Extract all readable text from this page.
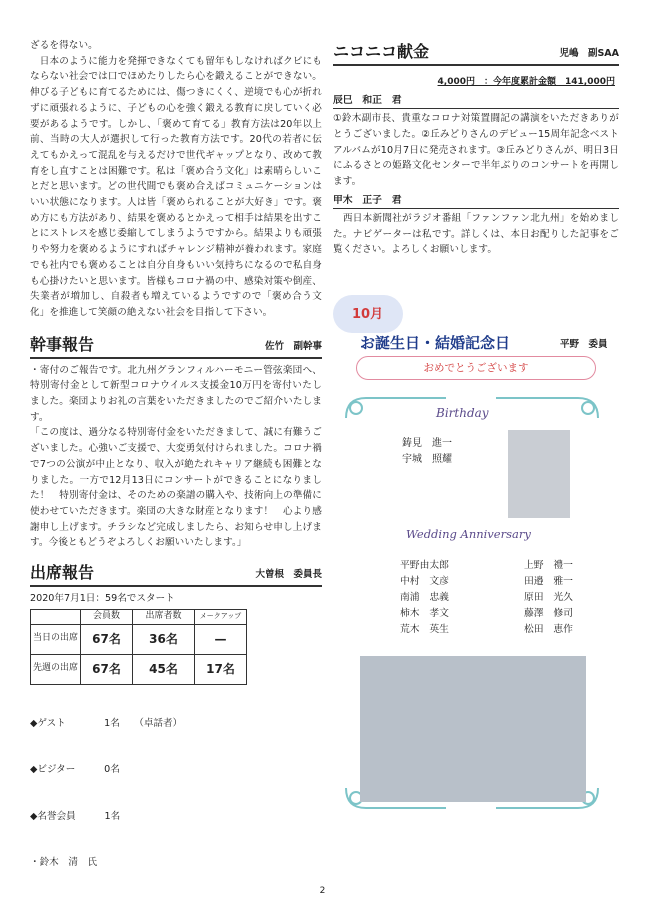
ざるを得ない。

　日本のように能力を発揮できなくても留年もしなければクビにもならない社会では口でほめたりしたら心を鍛えることができない。伸びる子どもに育てるためには、傷つきにくく、逆境でも心が折れずに頑張れるように、子どもの心を強く鍛える教育に戻していく必要があるようです。しかし、「褒めて育てる」教育方法は20年以上前、当時の大人が選択して行った教育方法です。20代の若者に伝えてもかえって混乱を与えるだけで世代ギャップとなり、改めて教育をし直すことは困難です。私は「褒め合う文化」は素晴らしいことだと思います。どの世代間でも褒め合えばコミュニケーションはいい状態になります。人は皆「褒められることが大好き」です。褒め方にも方法があり、結果を褒めるとかえって相手は結果を出すことにストレスを感じ委縮してしまうようですから。結果よりも頑張りや努力を褒めるようにすればチャレンジ精神が養われます。家庭でも社内でも褒めることは自分自身もいい気持ちになるので私自身も心掛けたいと思います。皆様もコロナ禍の中、感染対策や倒産、失業者が増加し、自殺者も増えているようですので「褒め合う文化」を推進して笑顔の絶えない社会を目指して下さい。

幹事報告	佐竹　副幹事

・寄付のご報告です。北九州グランフィルハーモニー管弦楽団へ、特別寄付金として新型コロナウイルス支援金10万円を寄付いたしました。楽団よりお礼の言葉をいただきましたのでご紹介いたします。

「この度は、過分なる特別寄付金をいただきまして、誠に有難うございました。心強いご支援で、大変勇気付けられました。コロナ禍で7つの公演が中止となり、収入が絶たれキャリア継続も困難となりました。一方で12月13日にコンサートができることになりました！　特別寄付金は、そのための楽譜の購入や、技術向上の準備に使わせていただきます。楽団の大きな財産となります！　心より感謝申し上げます。チラシなど完成しましたら、お知らせ申し上げます。今後ともどうぞよろしくお願いいたします。」

出席報告	大曽根　委員長
2020年7月1日：59名でスタート
	会員数	出席者数	メークアップ
当日の出席	67名	36名	—
先週の出席	67名	45名	17名

◆ゲスト　　　　1名　　（卓話者）

◆ビジター　　　0名

◆名誉会員　　　1名

・鈴木　清　氏

ニコニコ献金	児嶋　副SAA
4,000円　：今年度累計金額　141,000円
辰巳　和正　君
①鈴木副市長、貴重なコロナ対策置闘記の講演をいただきありがとうございました。②丘みどりさんのデビュー15周年記念ベストアルバムが10月7日に発売されます。③丘みどりさんが、明日3日にふるさとの姫路文化センターで半年ぶりのコンサートを再開します。
甲木　正子　君
　西日本新聞社がラジオ番組「ファンファン北九州」を始めました。ナビゲーターは私です。詳しくは、本日お配りした記事をご覧ください。よろしくお願いします。
10月
お誕生日・結婚記念日	平野　委員
おめでとうございます
Birthday
鋳見　進一
宇城　照耀
Wedding Anniversary
平野由太郎
中村　文彦
南浦　忠義
柿木　孝文
荒木　英生
上野　禮一
田邉　雅一
原田　光久
藤澤　修司
松田　恵作
2
